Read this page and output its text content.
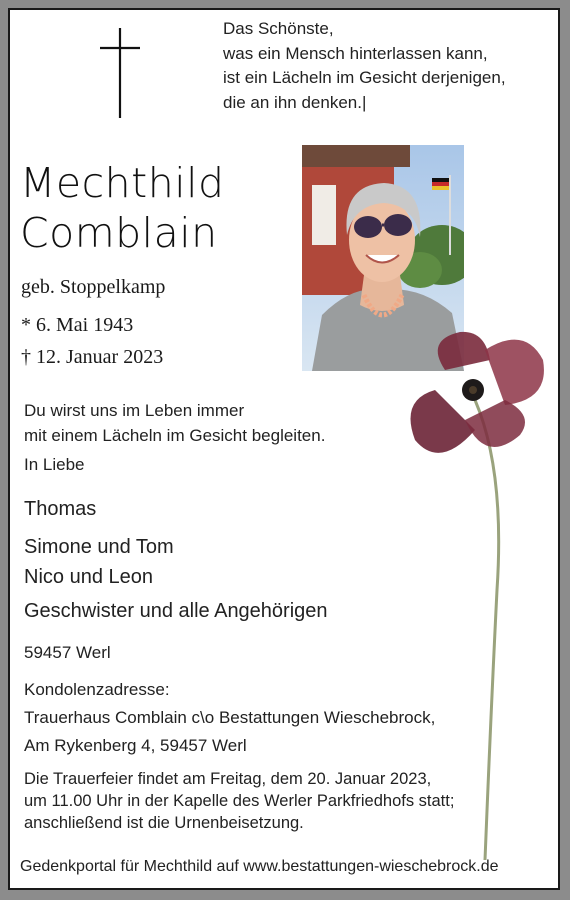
Das Schönste,
was ein Mensch hinterlassen kann,
ist ein Lächeln im Gesicht derjenigen,
die an ihn denken.|
Mechthild
Comblain
geb. Stoppelkamp
* 6. Mai 1943
† 12. Januar 2023
Du wirst uns im Leben immer
mit einem Lächeln im Gesicht begleiten.
In Liebe
Thomas
Simone und Tom
Nico und Leon
Geschwister und alle Angehörigen
59457 Werl
Kondolenzadresse:
Trauerhaus Comblain c\o Bestattungen Wieschebrock,
Am Rykenberg 4, 59457 Werl
Die Trauerfeier findet am Freitag, dem 20. Januar 2023,
um 11.00 Uhr in der Kapelle des Werler Parkfriedhofs statt;
anschließend ist die Urnenbeisetzung.
Gedenkportal für Mechthild auf www.bestattungen-wieschebrock.de
